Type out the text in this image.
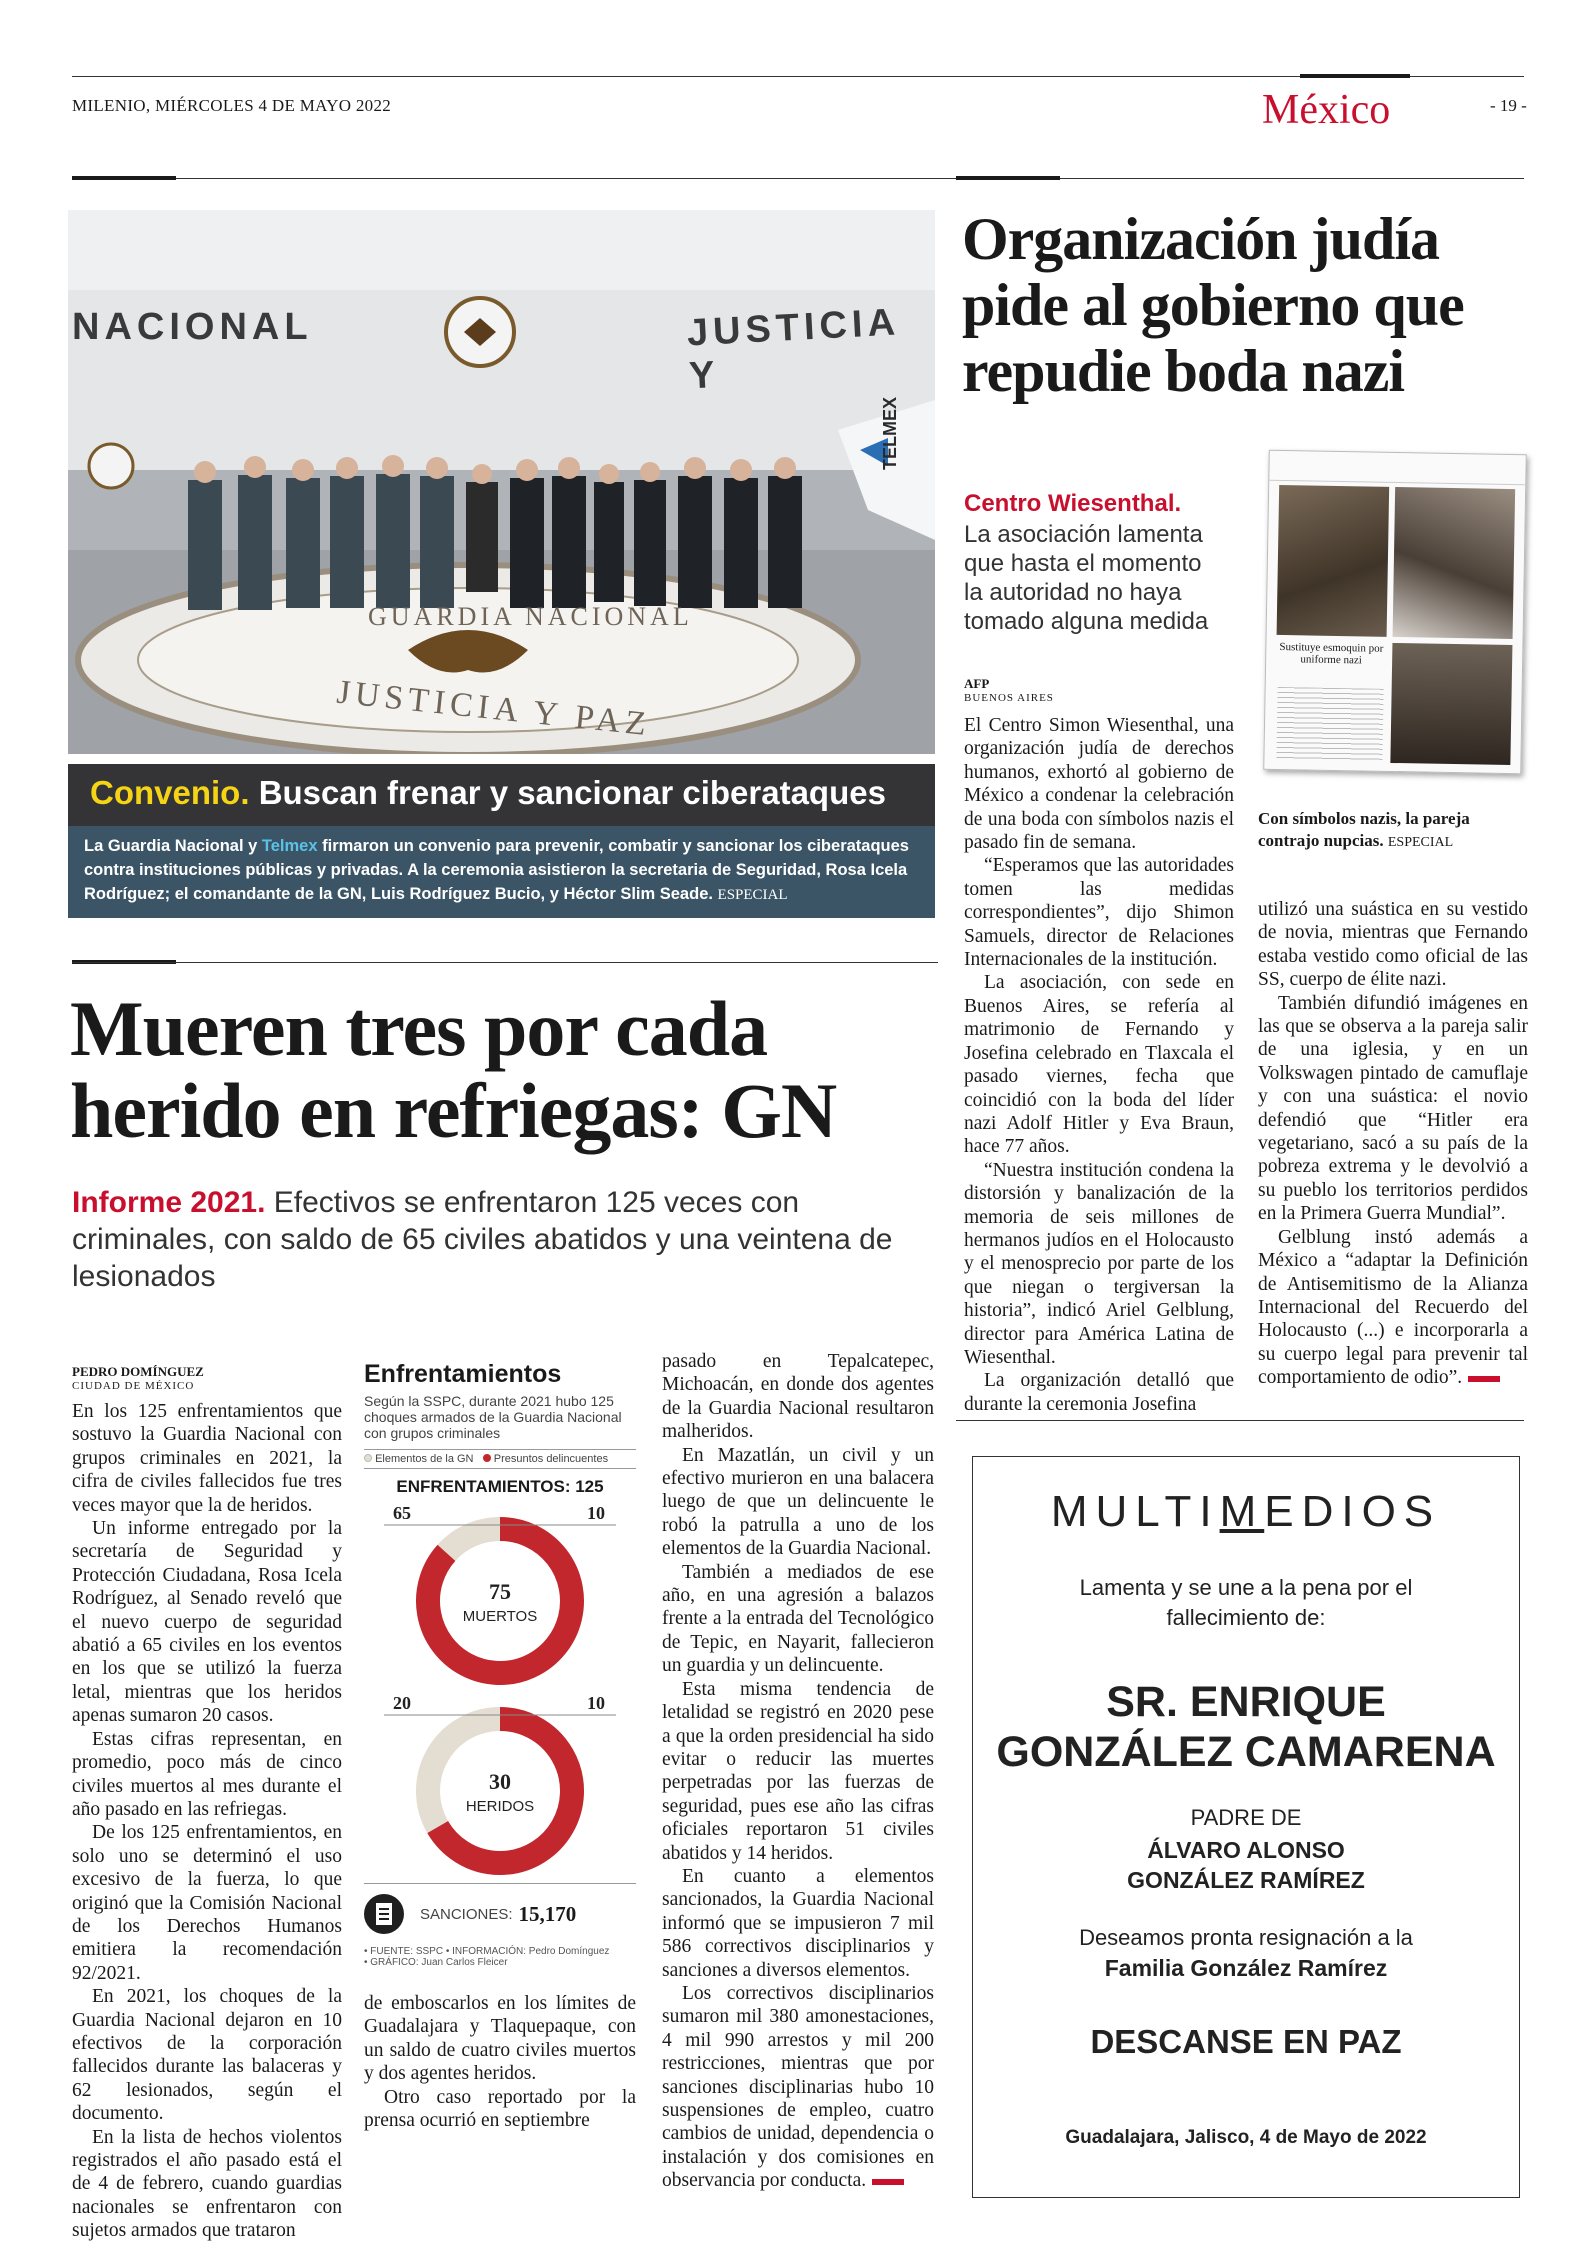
MILENIO, MIÉRCOLES 4 DE MAYO 2022	México	- 19 -
NACIONAL	JUSTICIA Y
GUARDIA NACIONAL
JUSTICIA Y PAZ
TELMEX
Convenio. Buscan frenar y sancionar ciberataques
La Guardia Nacional y Telmex firmaron un convenio para prevenir, combatir y sancionar los ciberataques contra instituciones públicas y privadas. A la ceremonia asistieron la secretaria de Seguridad, Rosa Icela Rodríguez; el comandante de la GN, Luis Rodríguez Bucio, y Héctor Slim Seade. ESPECIAL
Organización judía pide al gobierno que repudie boda nazi
Centro Wiesenthal.
La asociación lamenta que hasta el momento la autoridad no haya tomado alguna medida
AFP
BUENOS AIRES
Sustituye esmoquin por uniforme nazi
Con símbolos nazis, la pareja contrajo nupcias. ESPECIAL

El Centro Simon Wiesenthal, una organización judía de derechos humanos, exhortó al gobierno de México a condenar la celebración de una boda con símbolos nazis el pasado fin de semana.

“Esperamos que las autoridades tomen las medidas correspondientes”, dijo Shimon Samuels, director de Relaciones Internacionales de la institución.

La asociación, con sede en Buenos Aires, se refería al matrimonio de Fernando y Josefina celebrado en Tlaxcala el pasado viernes, fecha que coincidió con la boda del líder nazi Adolf Hitler y Eva Braun, hace 77 años.

“Nuestra institución condena la distorsión y banalización de la memoria de seis millones de hermanos judíos en el Holocausto y el menosprecio por parte de los que niegan o tergiversan la historia”, indicó Ariel Gelblung, director para América Latina de Wiesenthal.

La organización detalló que durante la ceremonia Josefina

utilizó una suástica en su vestido de novia, mientras que Fernando estaba vestido como oficial de las SS, cuerpo de élite nazi.

También difundió imágenes en las que se observa a la pareja salir de una iglesia, y en un Volkswagen pintado de camuflaje y con una suástica: el novio defendió que “Hitler era vegetariano, sacó a su país de la pobreza extrema y le devolvió a su pueblo los territorios perdidos en la Primera Guerra Mundial”.

Gelblung instó además a México a “adaptar la Definición de Antisemitismo de la Alianza Internacional del Recuerdo del Holocausto (...) e incorporarla a su cuerpo legal para prevenir tal comportamiento de odio”.

Mueren tres por cada herido en refriegas: GN
Informe 2021. Efectivos se enfrentaron 125 veces con criminales, con saldo de 65 civiles abatidos y una veintena de lesionados
PEDRO DOMÍNGUEZ
CIUDAD DE MÉXICO

En los 125 enfrentamientos que sostuvo la Guardia Nacional con grupos criminales en 2021, la cifra de civiles fallecidos fue tres veces mayor que la de heridos.

Un informe entregado por la secretaría de Seguridad y Protección Ciudadana, Rosa Icela Rodríguez, al Senado reveló que el nuevo cuerpo de seguridad abatió a 65 civiles en los eventos en los que se utilizó la fuerza letal, mientras que los heridos apenas sumaron 20 casos.

Estas cifras representan, en promedio, poco más de cinco civiles muertos al mes durante el año pasado en las refriegas.

De los 125 enfrentamientos, en solo uno se determinó el uso excesivo de la fuerza, lo que originó que la Comisión Nacional de los Derechos Humanos emitiera la recomendación 92/2021.

En 2021, los choques de la Guardia Nacional dejaron en 10 efectivos de la corporación fallecidos durante las balaceras y 62 lesionados, según el documento.

En la lista de hechos violentos registrados el año pasado está el de 4 de febrero, cuando guardias nacionales se enfrentaron con sujetos armados que trataron

Enfrentamientos
Según la SSPC, durante 2021 hubo 125 choques armados de la Guardia Nacional con grupos criminales
Elementos de la GN Presuntos delincuentes
ENFRENTAMIENTOS: 125
75
MUERTOS
65	10
30
HERIDOS
20	10
SANCIONES: 15,170
• FUENTE: SSPC • INFORMACIÓN: Pedro Domínguez
• GRÁFICO: Juan Carlos Fleicer

de emboscarlos en los límites de Guadalajara y Tlaquepaque, con un saldo de cuatro civiles muertos y dos agentes heridos.

Otro caso reportado por la prensa ocurrió en septiembre

pasado en Tepalcatepec, Michoacán, en donde dos agentes de la Guardia Nacional resultaron malheridos.

En Mazatlán, un civil y un efectivo murieron en una balacera luego de que un delincuente le robó la patrulla a uno de los elementos de la Guardia Nacional.

También a mediados de ese año, en una agresión a balazos frente a la entrada del Tecnológico de Tepic, en Nayarit, fallecieron un guardia y un delincuente.

Esta misma tendencia de letalidad se registró en 2020 pese a que la orden presidencial ha sido evitar o reducir las muertes perpetradas por las fuerzas de seguridad, pues ese año las cifras oficiales reportaron 51 civiles abatidos y 14 heridos.

En cuanto a elementos sancionados, la Guardia Nacional informó que se impusieron 7 mil 586 correctivos disciplinarios y sanciones a diversos elementos.

Los correctivos disciplinarios sumaron mil 380 amonestaciones, 4 mil 990 arrestos y mil 200 restricciones, mientras que por sanciones disciplinarias hubo 10 suspensiones de empleo, cuatro cambios de unidad, dependencia o instalación y dos comisiones en observancia por conducta.

MULTIMEDIOS
Lamenta y se une a la pena por el fallecimiento de:
SR. ENRIQUE
GONZÁLEZ CAMARENA
PADRE DE
ÁLVARO ALONSO
GONZÁLEZ RAMÍREZ
Deseamos pronta resignación a la
Familia González Ramírez
DESCANSE EN PAZ
Guadalajara, Jalisco, 4 de Mayo de 2022
